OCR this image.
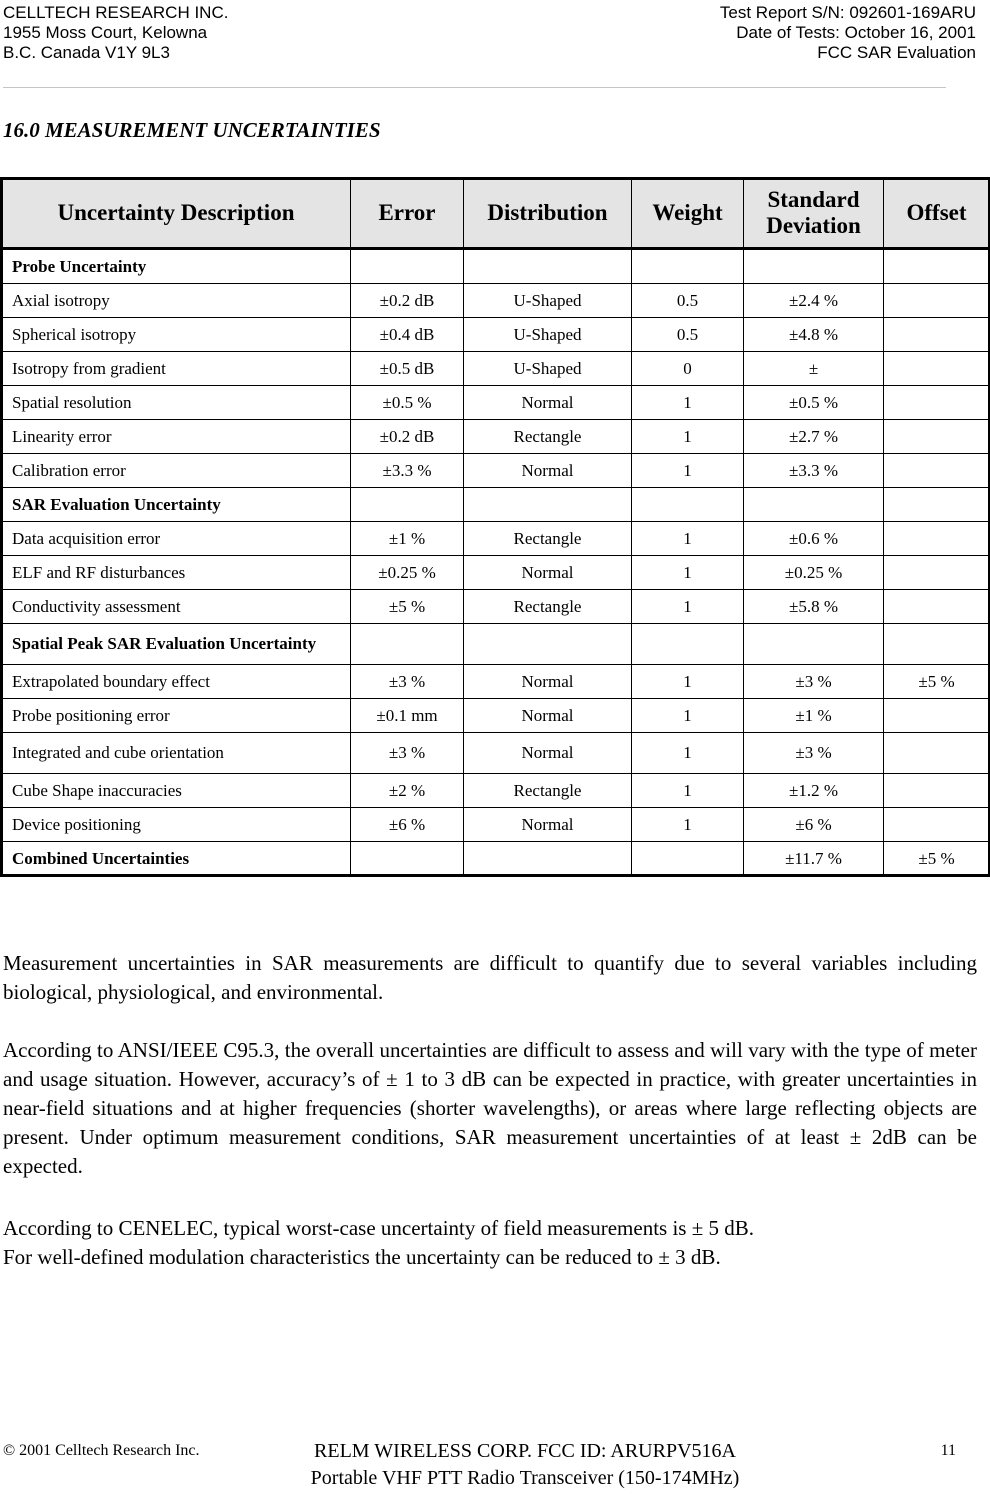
CELLTECH RESEARCH INC.
1955 Moss Court, Kelowna
B.C. Canada V1Y 9L3
Test Report S/N: 092601-169ARU
Date of Tests: October 16, 2001
FCC SAR Evaluation
16.0 MEASUREMENT UNCERTAINTIES
Uncertainty Description	Error	Distribution	Weight	Standard Deviation	Offset
Probe Uncertainty					
Axial isotropy	±0.2 dB	U-Shaped	0.5	±2.4 %	
Spherical isotropy	±0.4 dB	U-Shaped	0.5	±4.8 %	
Isotropy from gradient	±0.5 dB	U-Shaped	0	±	
Spatial resolution	±0.5 %	Normal	1	±0.5 %	
Linearity error	±0.2 dB	Rectangle	1	±2.7 %	
Calibration error	±3.3 %	Normal	1	±3.3 %	
SAR Evaluation Uncertainty					
Data acquisition error	±1 %	Rectangle	1	±0.6 %	
ELF and RF disturbances	±0.25 %	Normal	1	±0.25 %	
Conductivity assessment	±5 %	Rectangle	1	±5.8 %	
Spatial Peak SAR Evaluation Uncertainty					
Extrapolated boundary effect	±3 %	Normal	1	±3 %	±5 %
Probe positioning error	±0.1 mm	Normal	1	±1 %	
Integrated and cube orientation	±3 %	Normal	1	±3 %	
Cube Shape inaccuracies	±2 %	Rectangle	1	±1.2 %	
Device positioning	±6 %	Normal	1	±6 %	
Combined Uncertainties				±11.7 %	±5 %

Measurement uncertainties in SAR measurements are difficult to quantify due to several variables including biological, physiological, and environmental.

According to ANSI/IEEE C95.3, the overall uncertainties are difficult to assess and will vary with the type of meter and usage situation. However, accuracy’s of ± 1 to 3 dB can be expected in practice, with greater uncertainties in near-field situations and at higher frequencies (shorter wavelengths), or areas where large reflecting objects are present. Under optimum measurement conditions, SAR measurement uncertainties of at least ± 2dB can be expected.

According to CENELEC, typical worst-case uncertainty of field measurements is ± 5 dB.
For well-defined modulation characteristics the uncertainty can be reduced to ± 3 dB.
© 2001 Celltech Research Inc.	RELM WIRELESS CORP. FCC ID: ARURPV516A
Portable VHF PTT Radio Transceiver (150-174MHz)
11
